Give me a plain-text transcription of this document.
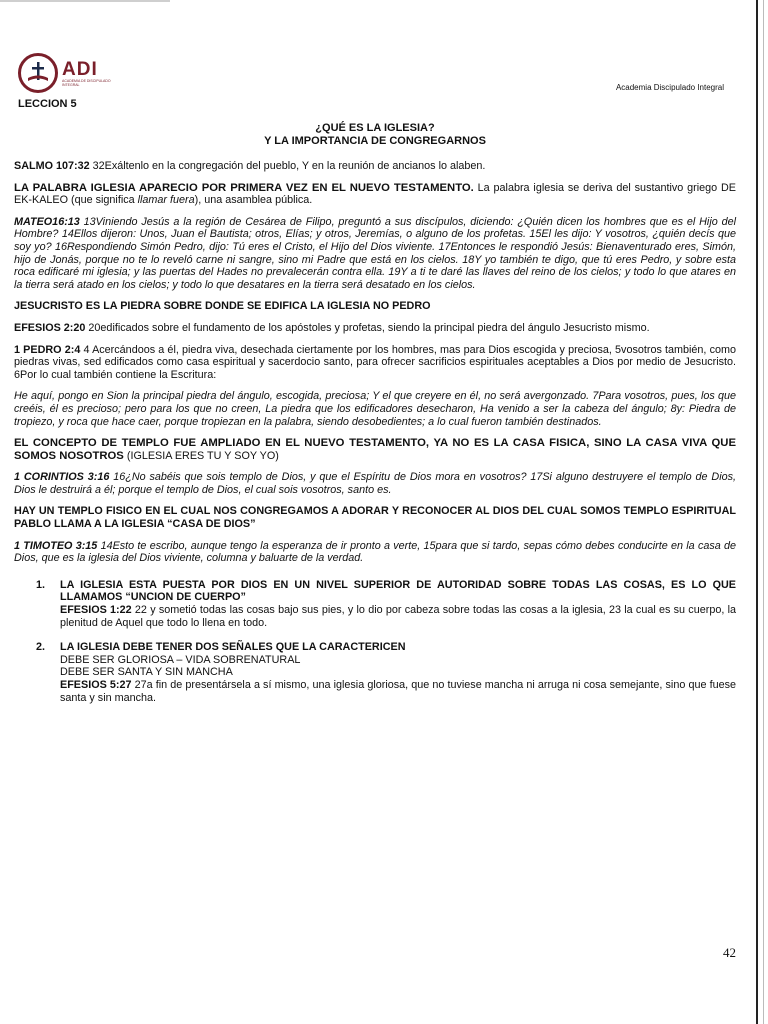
ADI
ACADEMIA DE DISCIPULADO INTEGRAL
LECCION 5
Academia Discipulado Integral
¿QUÉ ES LA IGLESIA?
Y LA IMPORTANCIA DE CONGREGARNOS

SALMO 107:32 32Exáltenlo en la congregación del pueblo, Y en la reunión de ancianos lo alaben.

LA PALABRA IGLESIA APARECIO POR PRIMERA VEZ EN EL NUEVO TESTAMENTO. La palabra iglesia se deriva del sustantivo griego DE EK-KALEO (que significa llamar fuera), una asamblea pública.

MATEO16:13 13Viniendo Jesús a la región de Cesárea de Filipo, preguntó a sus discípulos, diciendo: ¿Quién dicen los hombres que es el Hijo del Hombre? 14Ellos dijeron: Unos, Juan el Bautista; otros, Elías; y otros, Jeremías, o alguno de los profetas. 15El les dijo: Y vosotros, ¿quién decís que soy yo? 16Respondiendo Simón Pedro, dijo: Tú eres el Cristo, el Hijo del Dios viviente. 17Entonces le respondió Jesús: Bienaventurado eres, Simón, hijo de Jonás, porque no te lo reveló carne ni sangre, sino mi Padre que está en los cielos. 18Y yo también te digo, que tú eres Pedro, y sobre esta roca edificaré mi iglesia; y las puertas del Hades no prevalecerán contra ella. 19Y a ti te daré las llaves del reino de los cielos; y todo lo que atares en la tierra será atado en los cielos; y todo lo que desatares en la tierra será desatado en los cielos.

JESUCRISTO ES LA PIEDRA SOBRE DONDE SE EDIFICA LA IGLESIA NO PEDRO

EFESIOS 2:20 20edificados sobre el fundamento de los apóstoles y profetas, siendo la principal piedra del ángulo Jesucristo mismo.

1 PEDRO 2:4 4 Acercándoos a él, piedra viva, desechada ciertamente por los hombres, mas para Dios escogida y preciosa, 5vosotros también, como piedras vivas, sed edificados como casa espiritual y sacerdocio santo, para ofrecer sacrificios espirituales aceptables a Dios por medio de Jesucristo. 6Por lo cual también contiene la Escritura:

He aquí, pongo en Sion la principal piedra del ángulo, escogida, preciosa; Y el que creyere en él, no será avergonzado. 7Para vosotros, pues, los que creéis, él es precioso; pero para los que no creen, La piedra que los edificadores desecharon, Ha venido a ser la cabeza del ángulo; 8y: Piedra de tropiezo, y roca que hace caer, porque tropiezan en la palabra, siendo desobedientes; a lo cual fueron también destinados.

EL CONCEPTO DE TEMPLO FUE AMPLIADO EN EL NUEVO TESTAMENTO, YA NO ES LA CASA FISICA, SINO LA CASA VIVA QUE SOMOS NOSOTROS (IGLESIA ERES TU Y SOY YO)

1 CORINTIOS 3:16 16¿No sabéis que sois templo de Dios, y que el Espíritu de Dios mora en vosotros? 17Si alguno destruyere el templo de Dios, Dios le destruirá a él; porque el templo de Dios, el cual sois vosotros, santo es.

HAY UN TEMPLO FISICO EN EL CUAL NOS CONGREGAMOS A ADORAR Y RECONOCER AL DIOS DEL CUAL SOMOS TEMPLO ESPIRITUAL PABLO LLAMA A LA IGLESIA “CASA DE DIOS”

1 TIMOTEO 3:15 14Esto te escribo, aunque tengo la esperanza de ir pronto a verte, 15para que si tardo, sepas cómo debes conducirte en la casa de Dios, que es la iglesia del Dios viviente, columna y baluarte de la verdad.

1.	LA IGLESIA ESTA PUESTA POR DIOS EN UN NIVEL SUPERIOR DE AUTORIDAD SOBRE TODAS LAS COSAS, ES LO QUE LLAMAMOS “UNCION DE CUERPO”
EFESIOS 1:22 22 y sometió todas las cosas bajo sus pies, y lo dio por cabeza sobre todas las cosas a la iglesia, 23 la cual es su cuerpo, la plenitud de Aquel que todo lo llena en todo.
2.	LA IGLESIA DEBE TENER DOS SEÑALES QUE LA CARACTERICEN
DEBE SER GLORIOSA – VIDA SOBRENATURAL
DEBE SER SANTA Y SIN MANCHA
EFESIOS 5:27 27a fin de presentársela a sí mismo, una iglesia gloriosa, que no tuviese mancha ni arruga ni cosa semejante, sino que fuese santa y sin mancha.
42
